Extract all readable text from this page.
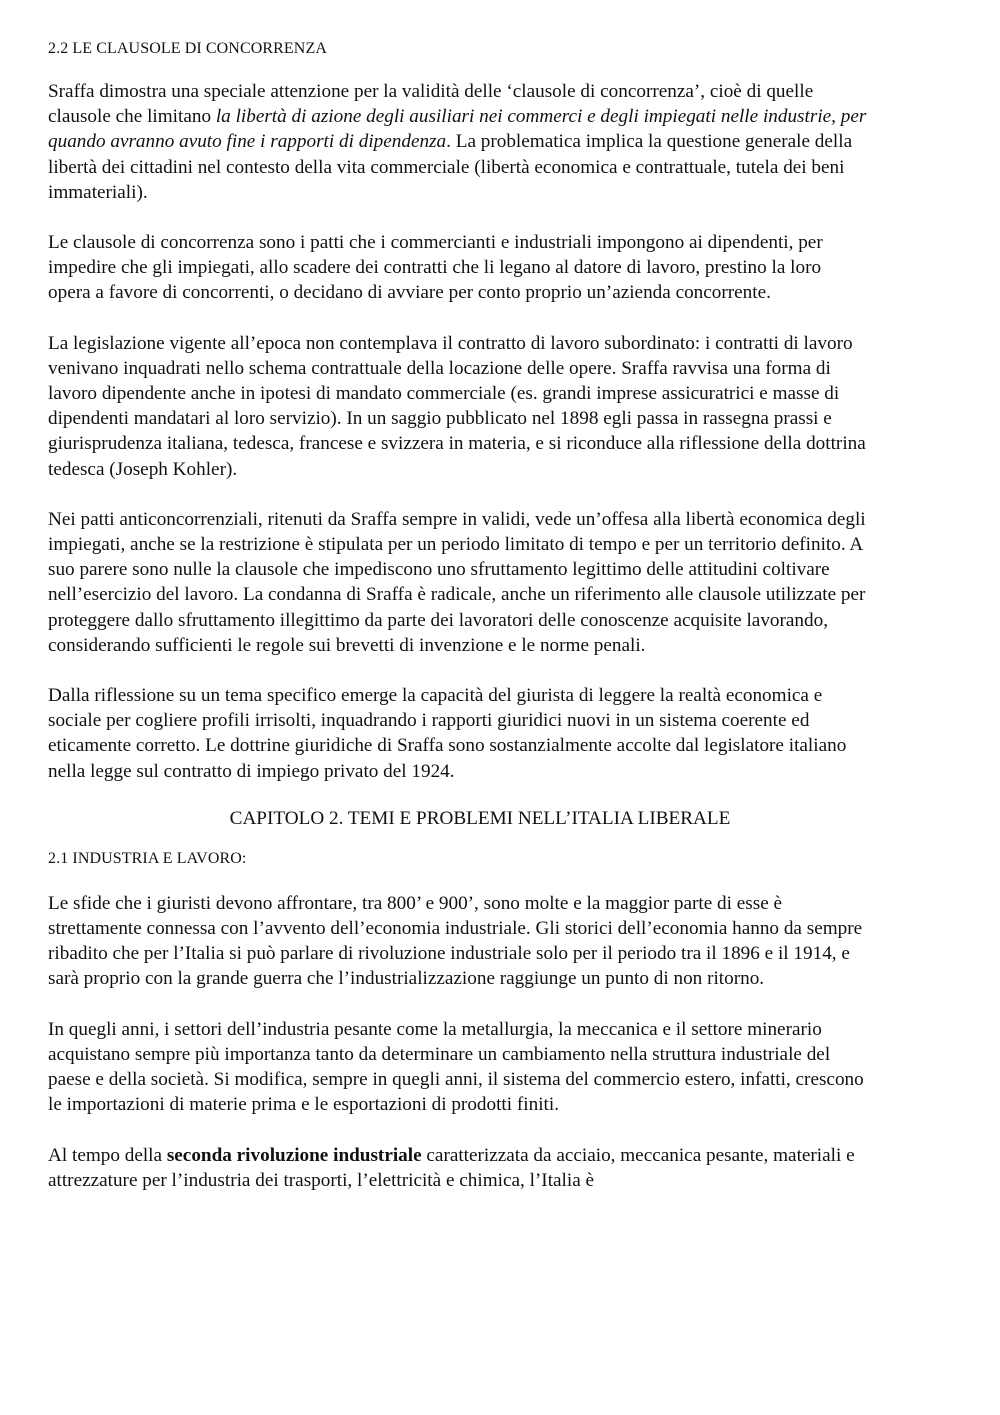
2.2 LE CLAUSOLE DI CONCORRENZA

Sraffa dimostra una speciale attenzione per la validità delle ‘clausole di concorrenza’, cioè di quelle clausole che limitano la libertà di azione degli ausiliari nei commerci e degli impiegati nelle industrie, per quando avranno avuto fine i rapporti di dipendenza. La problematica implica la questione generale della libertà dei cittadini nel contesto della vita commerciale (libertà economica e contrattuale, tutela dei beni immateriali).

Le clausole di concorrenza sono i patti che i commercianti e industriali impongono ai dipendenti, per impedire che gli impiegati, allo scadere dei contratti che li legano al datore di lavoro, prestino la loro opera a favore di concorrenti, o decidano di avviare per conto proprio un’azienda concorrente.

La legislazione vigente all’epoca non contemplava il contratto di lavoro subordinato: i contratti di lavoro venivano inquadrati nello schema contrattuale della locazione delle opere. Sraffa ravvisa una forma di lavoro dipendente anche in ipotesi di mandato commerciale (es. grandi imprese assicuratrici e masse di dipendenti mandatari al loro servizio). In un saggio pubblicato nel 1898 egli passa in rassegna prassi e giurisprudenza italiana, tedesca, francese e svizzera in materia, e si riconduce alla riflessione della dottrina tedesca (Joseph Kohler).

Nei patti anticoncorrenziali, ritenuti da Sraffa sempre in validi, vede un’offesa alla libertà economica degli impiegati, anche se la restrizione è stipulata per un periodo limitato di tempo e per un territorio definito. A suo parere sono nulle la clausole che impediscono uno sfruttamento legittimo delle attitudini coltivare nell’esercizio del lavoro. La condanna di Sraffa è radicale, anche un riferimento alle clausole utilizzate per proteggere dallo sfruttamento illegittimo da parte dei lavoratori delle conoscenze acquisite lavorando, considerando sufficienti le regole sui brevetti di invenzione e le norme penali.

Dalla riflessione su un tema specifico emerge la capacità del giurista di leggere la realtà economica e sociale per cogliere profili irrisolti, inquadrando i rapporti giuridici nuovi in un sistema coerente ed eticamente corretto. Le dottrine giuridiche di Sraffa sono sostanzialmente accolte dal legislatore italiano nella legge sul contratto di impiego privato del 1924.

CAPITOLO 2. TEMI E PROBLEMI NELL’ITALIA LIBERALE

2.1 INDUSTRIA E LAVORO:

Le sfide che i giuristi devono affrontare, tra 800’ e 900’, sono molte e la maggior parte di esse è strettamente connessa con l’avvento dell’economia industriale. Gli storici dell’economia hanno da sempre ribadito che per l’Italia si può parlare di rivoluzione industriale solo per il periodo tra il 1896 e il 1914, e sarà proprio con la grande guerra che l’industrializzazione raggiunge un punto di non ritorno.

In quegli anni, i settori dell’industria pesante come la metallurgia, la meccanica e il settore minerario acquistano sempre più importanza tanto da determinare un cambiamento nella struttura industriale del paese e della società. Si modifica, sempre in quegli anni, il sistema del commercio estero, infatti, crescono le importazioni di materie prima e le esportazioni di prodotti finiti.

Al tempo della seconda rivoluzione industriale caratterizzata da acciaio, meccanica pesante, materiali e attrezzature per l’industria dei trasporti, l’elettricità e chimica, l’Italia è
